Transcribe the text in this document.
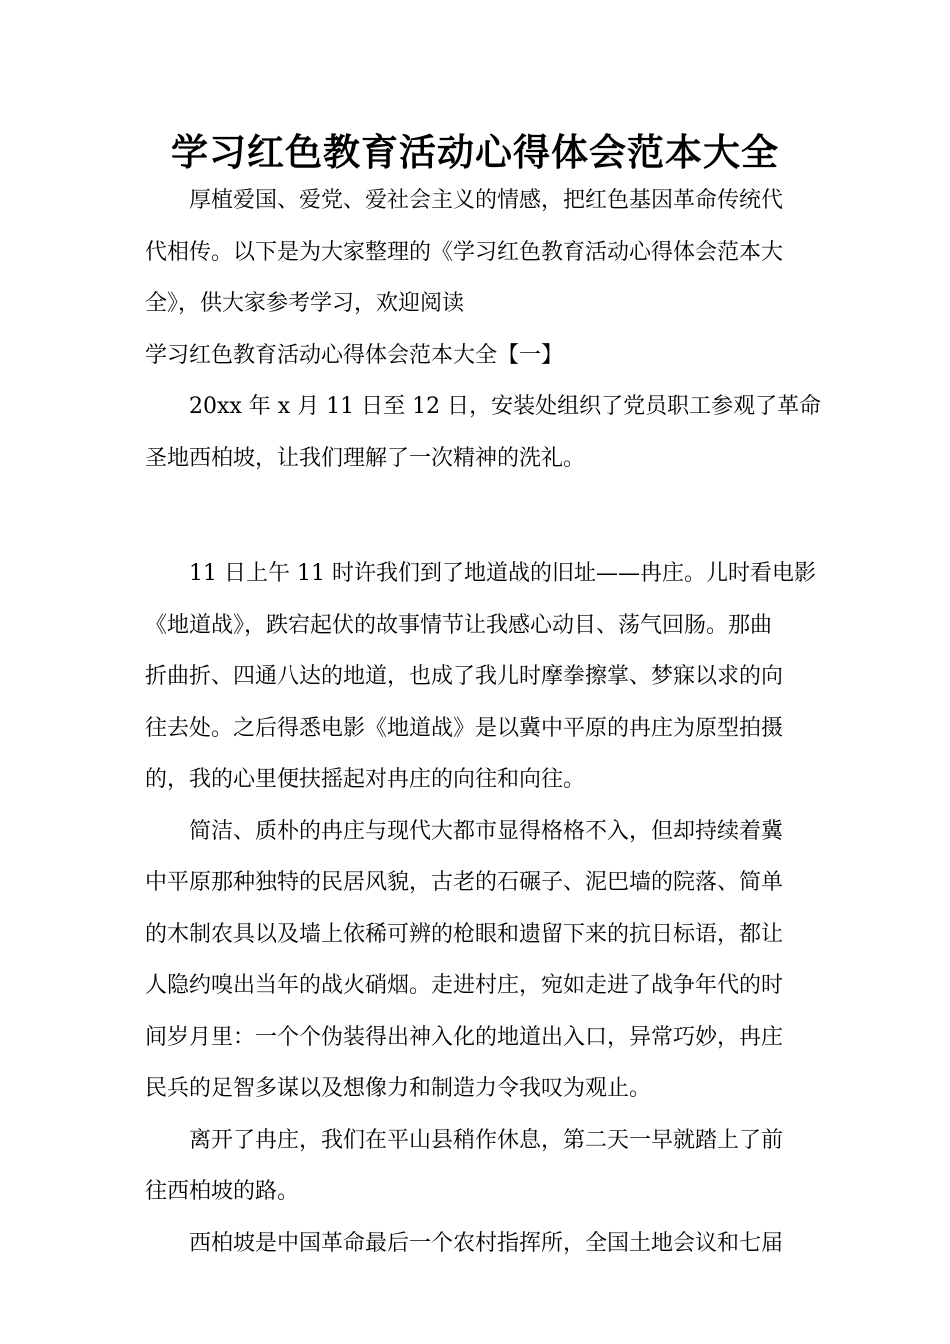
学习红色教育活动心得体会范本大全
厚植爱国、爱党、爱社会主义的情感，把红色基因革命传统代
代相传。以下是为大家整理的《学习红色教育活动心得体会范本大
全》，供大家参考学习，欢迎阅读
学习红色教育活动心得体会范本大全【一】
20xx 年 x 月 11 日至 12 日，安装处组织了党员职工参观了革命
圣地西柏坡，让我们理解了一次精神的洗礼。
11 日上午 11 时许我们到了地道战的旧址——冉庄。儿时看电影
《地道战》，跌宕起伏的故事情节让我感心动目、荡气回肠。那曲
折曲折、四通八达的地道，也成了我儿时摩拳擦掌、梦寐以求的向
往去处。之后得悉电影《地道战》是以冀中平原的冉庄为原型拍摄
的，我的心里便扶摇起对冉庄的向往和向往。
简洁、质朴的冉庄与现代大都市显得格格不入，但却持续着冀
中平原那种独特的民居风貌，古老的石碾子、泥巴墙的院落、简单
的木制农具以及墙上依稀可辨的枪眼和遗留下来的抗日标语，都让
人隐约嗅出当年的战火硝烟。走进村庄，宛如走进了战争年代的时
间岁月里：一个个伪装得出神入化的地道出入口，异常巧妙，冉庄
民兵的足智多谋以及想像力和制造力令我叹为观止。
离开了冉庄，我们在平山县稍作休息，第二天一早就踏上了前
往西柏坡的路。
西柏坡是中国革命最后一个农村指挥所，全国土地会议和七届
